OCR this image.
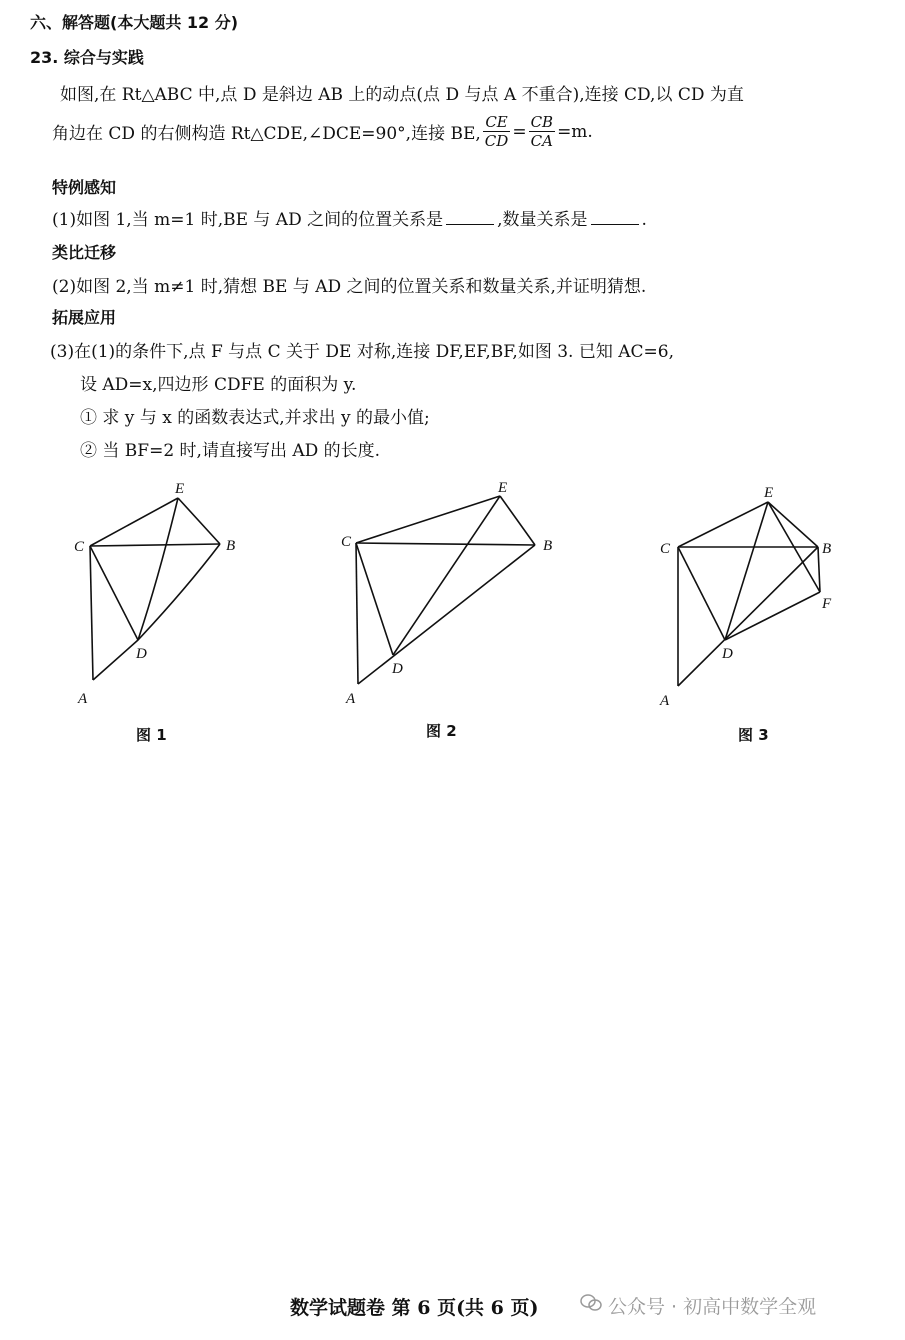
六、解答题(本大题共 12 分)
23. 综合与实践
如图,在 Rt△ABC 中,点 D 是斜边 AB 上的动点(点 D 与点 A 不重合),连接 CD,以 CD 为直
角边在 CD 的右侧构造 Rt△CDE,∠DCE=90°,连接 BE, $\frac{CE}{CD} = \frac{CB}{CA} =m$.
特例感知
(1)如图 1,当 m=1 时,BE 与 AD 之间的位置关系是	,数量关系是	.
类比迁移
(2)如图 2,当 m≠1 时,猜想 BE 与 AD 之间的位置关系和数量关系,并证明猜想.
拓展应用
(3)在(1)的条件下,点 F 与点 C 关于 DE 对称,连接 DF,EF,BF,如图 3. 已知 AC=6,
设 AD=x,四边形 CDFE 的面积为 y.
① 求 y 与 x 的函数表达式,并求出 y 的最小值;
② 当 BF=2 时,请直接写出 AD 的长度.
E
C	B
D
A
图 1
E
C	B
D
A
图 2
E
C	B
F
D
A
图 3
数学试题卷 第 6 页(共 6 页)	公众号 · 初高中数学全观
